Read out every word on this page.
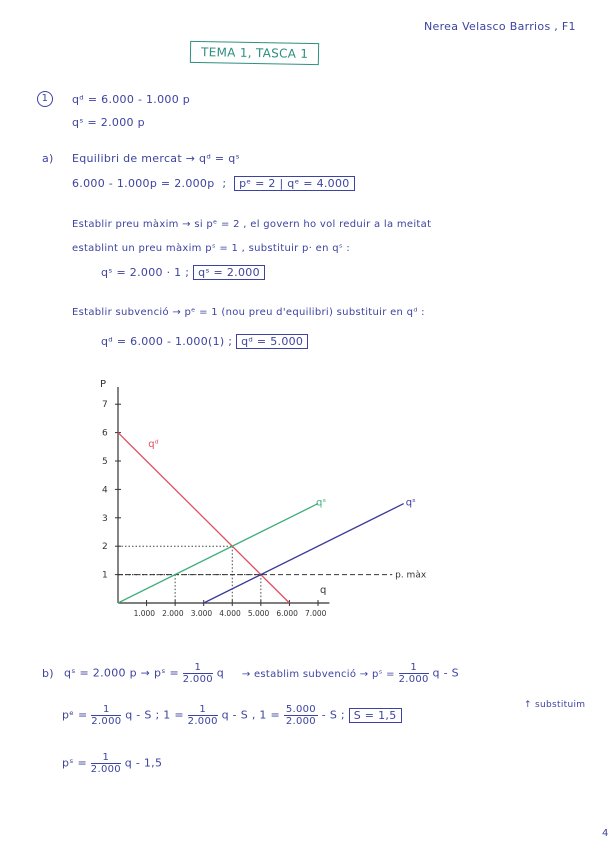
Nerea Velasco Barrios , F1
TEMA 1, TASCA 1
1	qᵈ = 6.000 - 1.000 p
qˢ = 2.000 p
a) Equilibri de mercat → qᵈ = qˢ
6.000 - 1.000p = 2.000p ; pᵉ = 2 | qᵉ = 4.000
Establir preu màxim → si pᵉ = 2 , el govern ho vol reduir a la meitat
establint un preu màxim pˢ = 1 , substituir p· en qˢ :
qˢ = 2.000 · 1 ; qˢ = 2.000
Establir subvenció → pᵉ = 1 (nou preu d'equilibri) substituir en qᵈ :
qᵈ = 6.000 - 1.000(1) ; qᵈ = 5.000
P
q
1
2
3
4
5
6
7
1.000 2.000 3.000 4.000 5.000 6.000 7.000
p. màx
qᵈ
qˢ	qˢ
b) qˢ = 2.000 p → pˢ = $\frac{1}{2.000}$ q → establim subvenció → pˢ = $\frac{1}{2.000}$ q - S
pᵉ = $\frac{1}{2.000}$ q - S ; $1 = \frac{1}{2.000}$ q - S , $1 = \frac{5.000}{2.000} - S$ ; S = 1,5
↑ substituim
pˢ = $\frac{1}{2.000}$ q - 1,5
4
